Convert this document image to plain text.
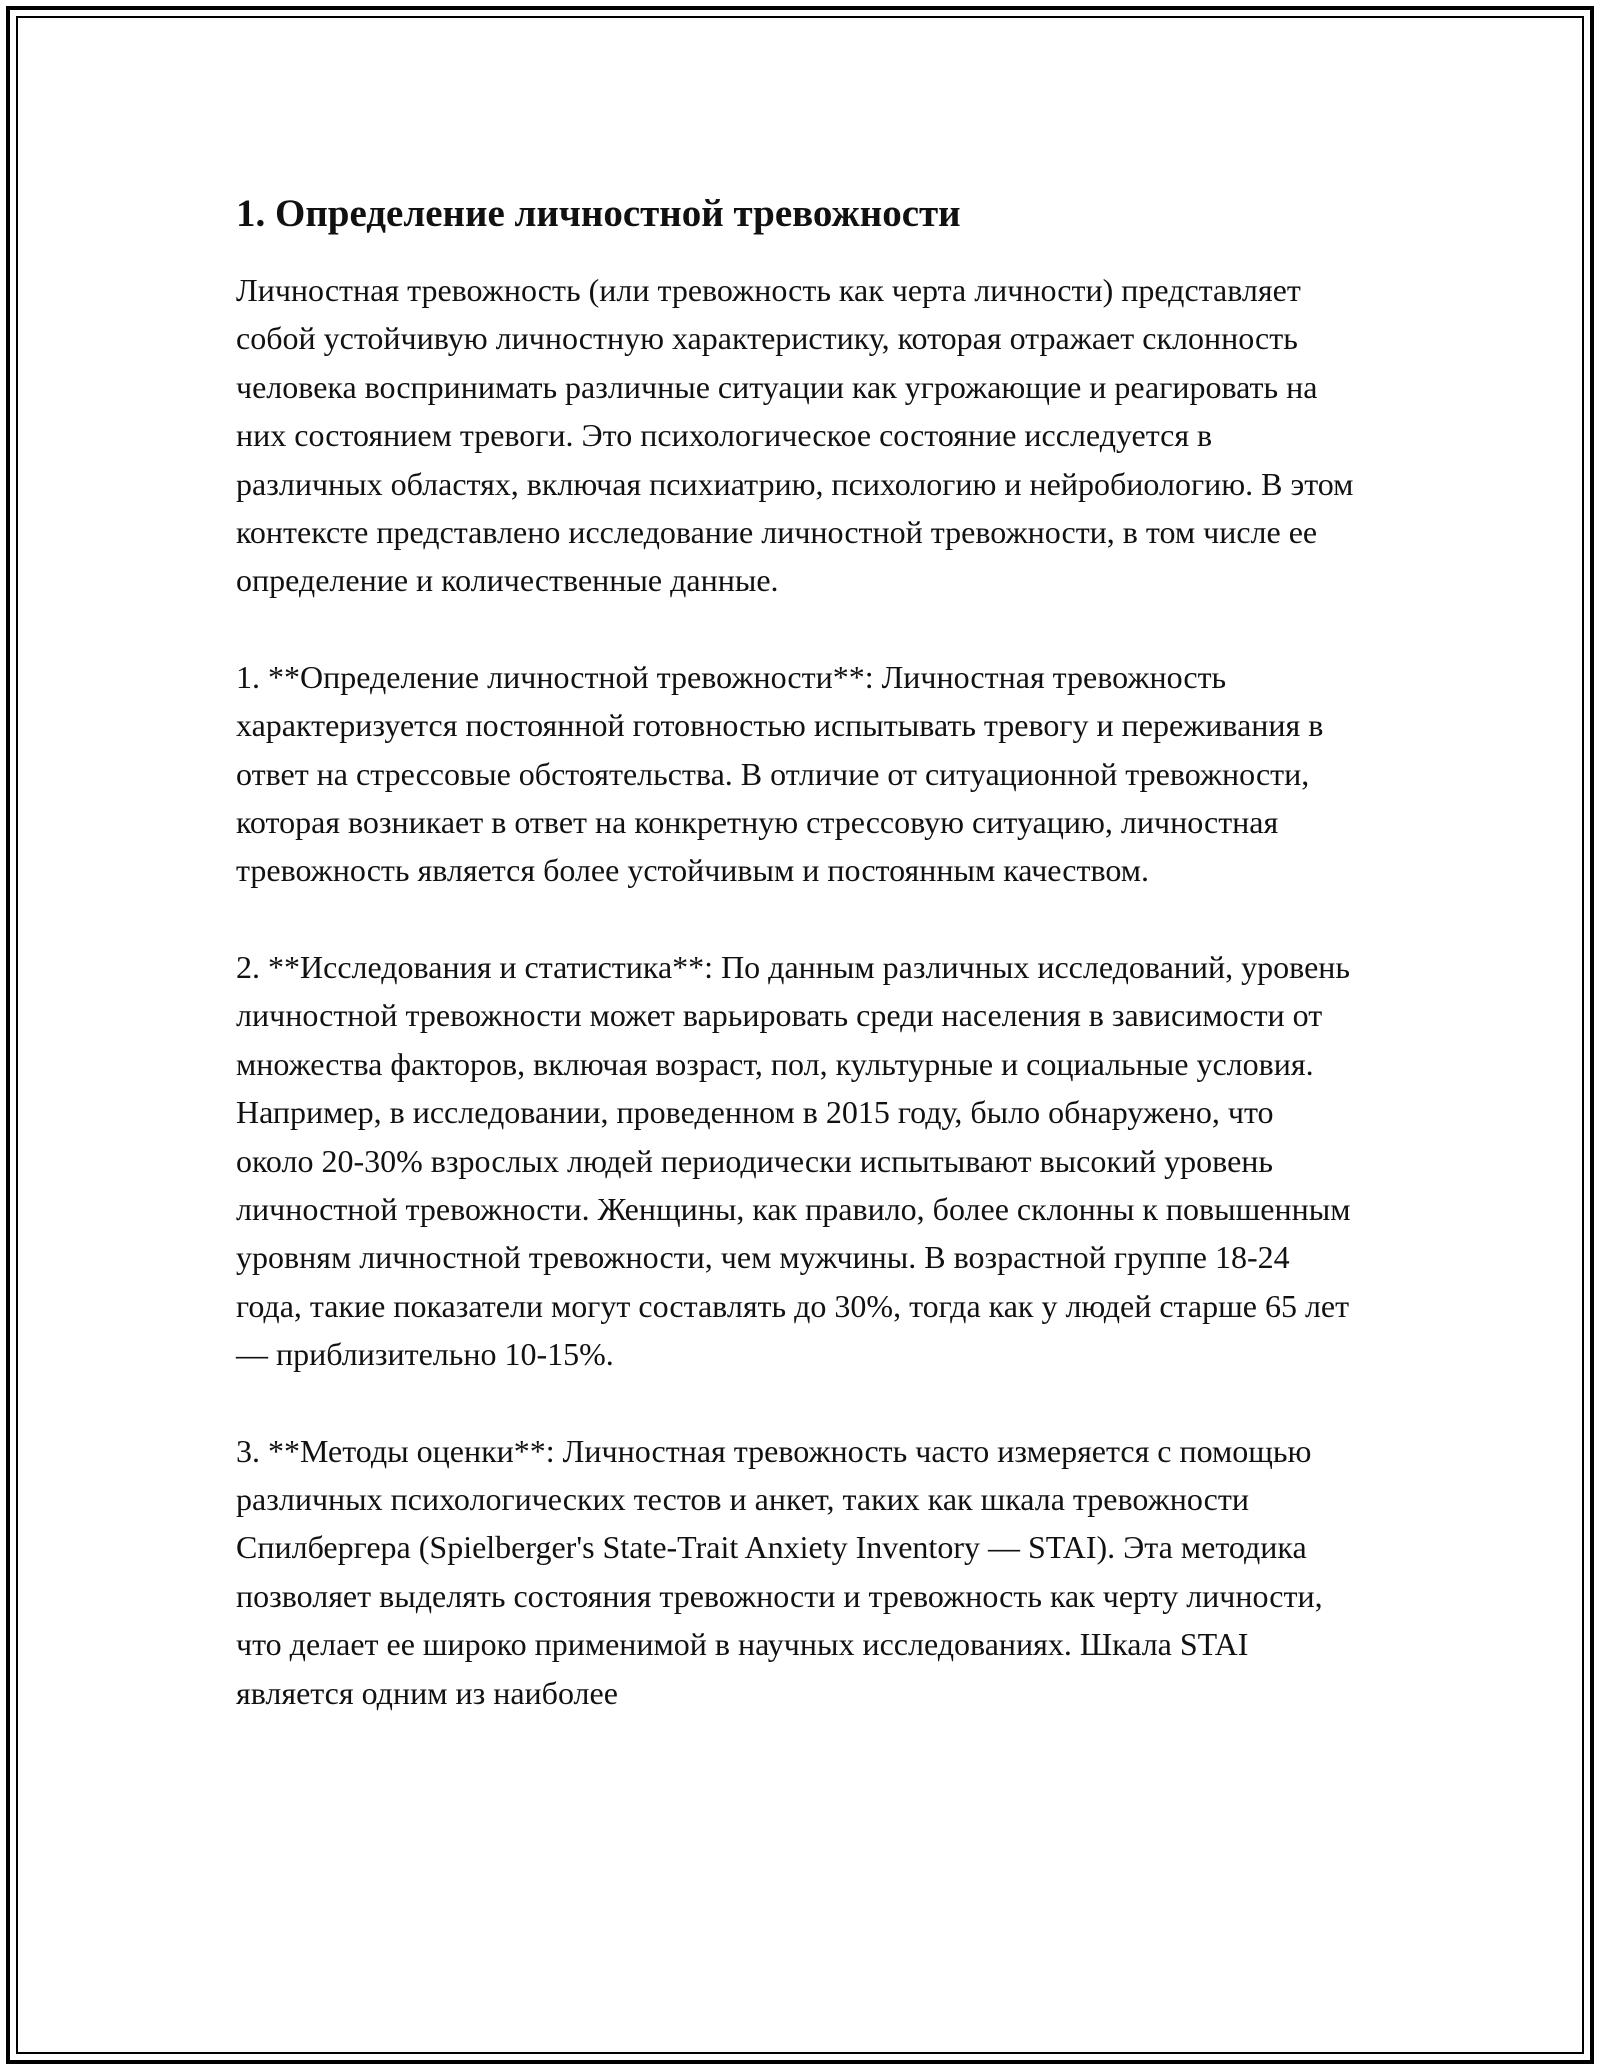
1. Определение личностной тревожности

Личностная тревожность (или тревожность как черта личности) представляет собой устойчивую личностную характеристику, которая отражает склонность человека воспринимать различные ситуации как угрожающие и реагировать на них состоянием тревоги. Это психологическое состояние исследуется в различных областях, включая психиатрию, психологию и нейробиологию. В этом контексте представлено исследование личностной тревожности, в том числе ее определение и количественные данные.

1. **Определение личностной тревожности**: Личностная тревожность характеризуется постоянной готовностью испытывать тревогу и переживания в ответ на стрессовые обстоятельства. В отличие от ситуационной тревожности, которая возникает в ответ на конкретную стрессовую ситуацию, личностная тревожность является более устойчивым и постоянным качеством.

2. **Исследования и статистика**: По данным различных исследований, уровень личностной тревожности может варьировать среди населения в зависимости от множества факторов, включая возраст, пол, культурные и социальные условия. Например, в исследовании, проведенном в 2015 году, было обнаружено, что около 20-30% взрослых людей периодически испытывают высокий уровень личностной тревожности. Женщины, как правило, более склонны к повышенным уровням личностной тревожности, чем мужчины. В возрастной группе 18-24 года, такие показатели могут составлять до 30%, тогда как у людей старше 65 лет — приблизительно 10-15%.

3. **Методы оценки**: Личностная тревожность часто измеряется с помощью различных психологических тестов и анкет, таких как шкала тревожности Спилбергера (Spielberger's State-Trait Anxiety Inventory — STAI). Эта методика позволяет выделять состояния тревожности и тревожность как черту личности, что делает ее широко применимой в научных исследованиях. Шкала STAI является одним из наиболее
